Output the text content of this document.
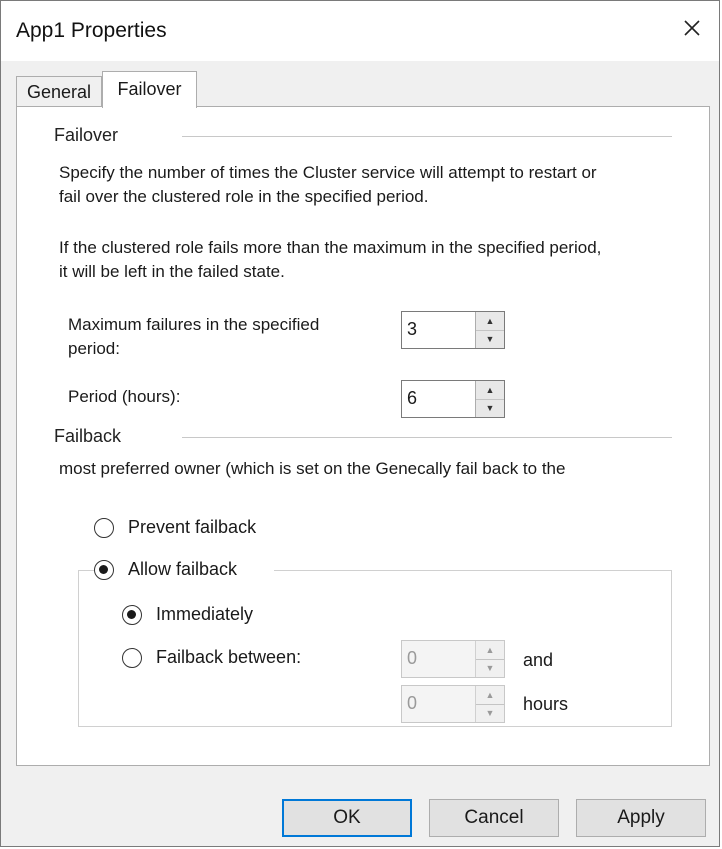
App1 Properties
General	Failover
Failover
Specify the number of times the Cluster service will attempt to restart or
fail over the clustered role in the specified period.
If the clustered role fails more than the maximum in the specified period,
it will be left in the failed state.
Maximum failures in the specified
period:
3	▲
▼
Period (hours):	6	▲
▼
Failback
most preferred owner (which is set on the Genecally fail back to the
Prevent failback
Allow failback
Immediately
Failback between:	0	▲
▼	and
0	▲
▼	hours
OK	Cancel	Apply
